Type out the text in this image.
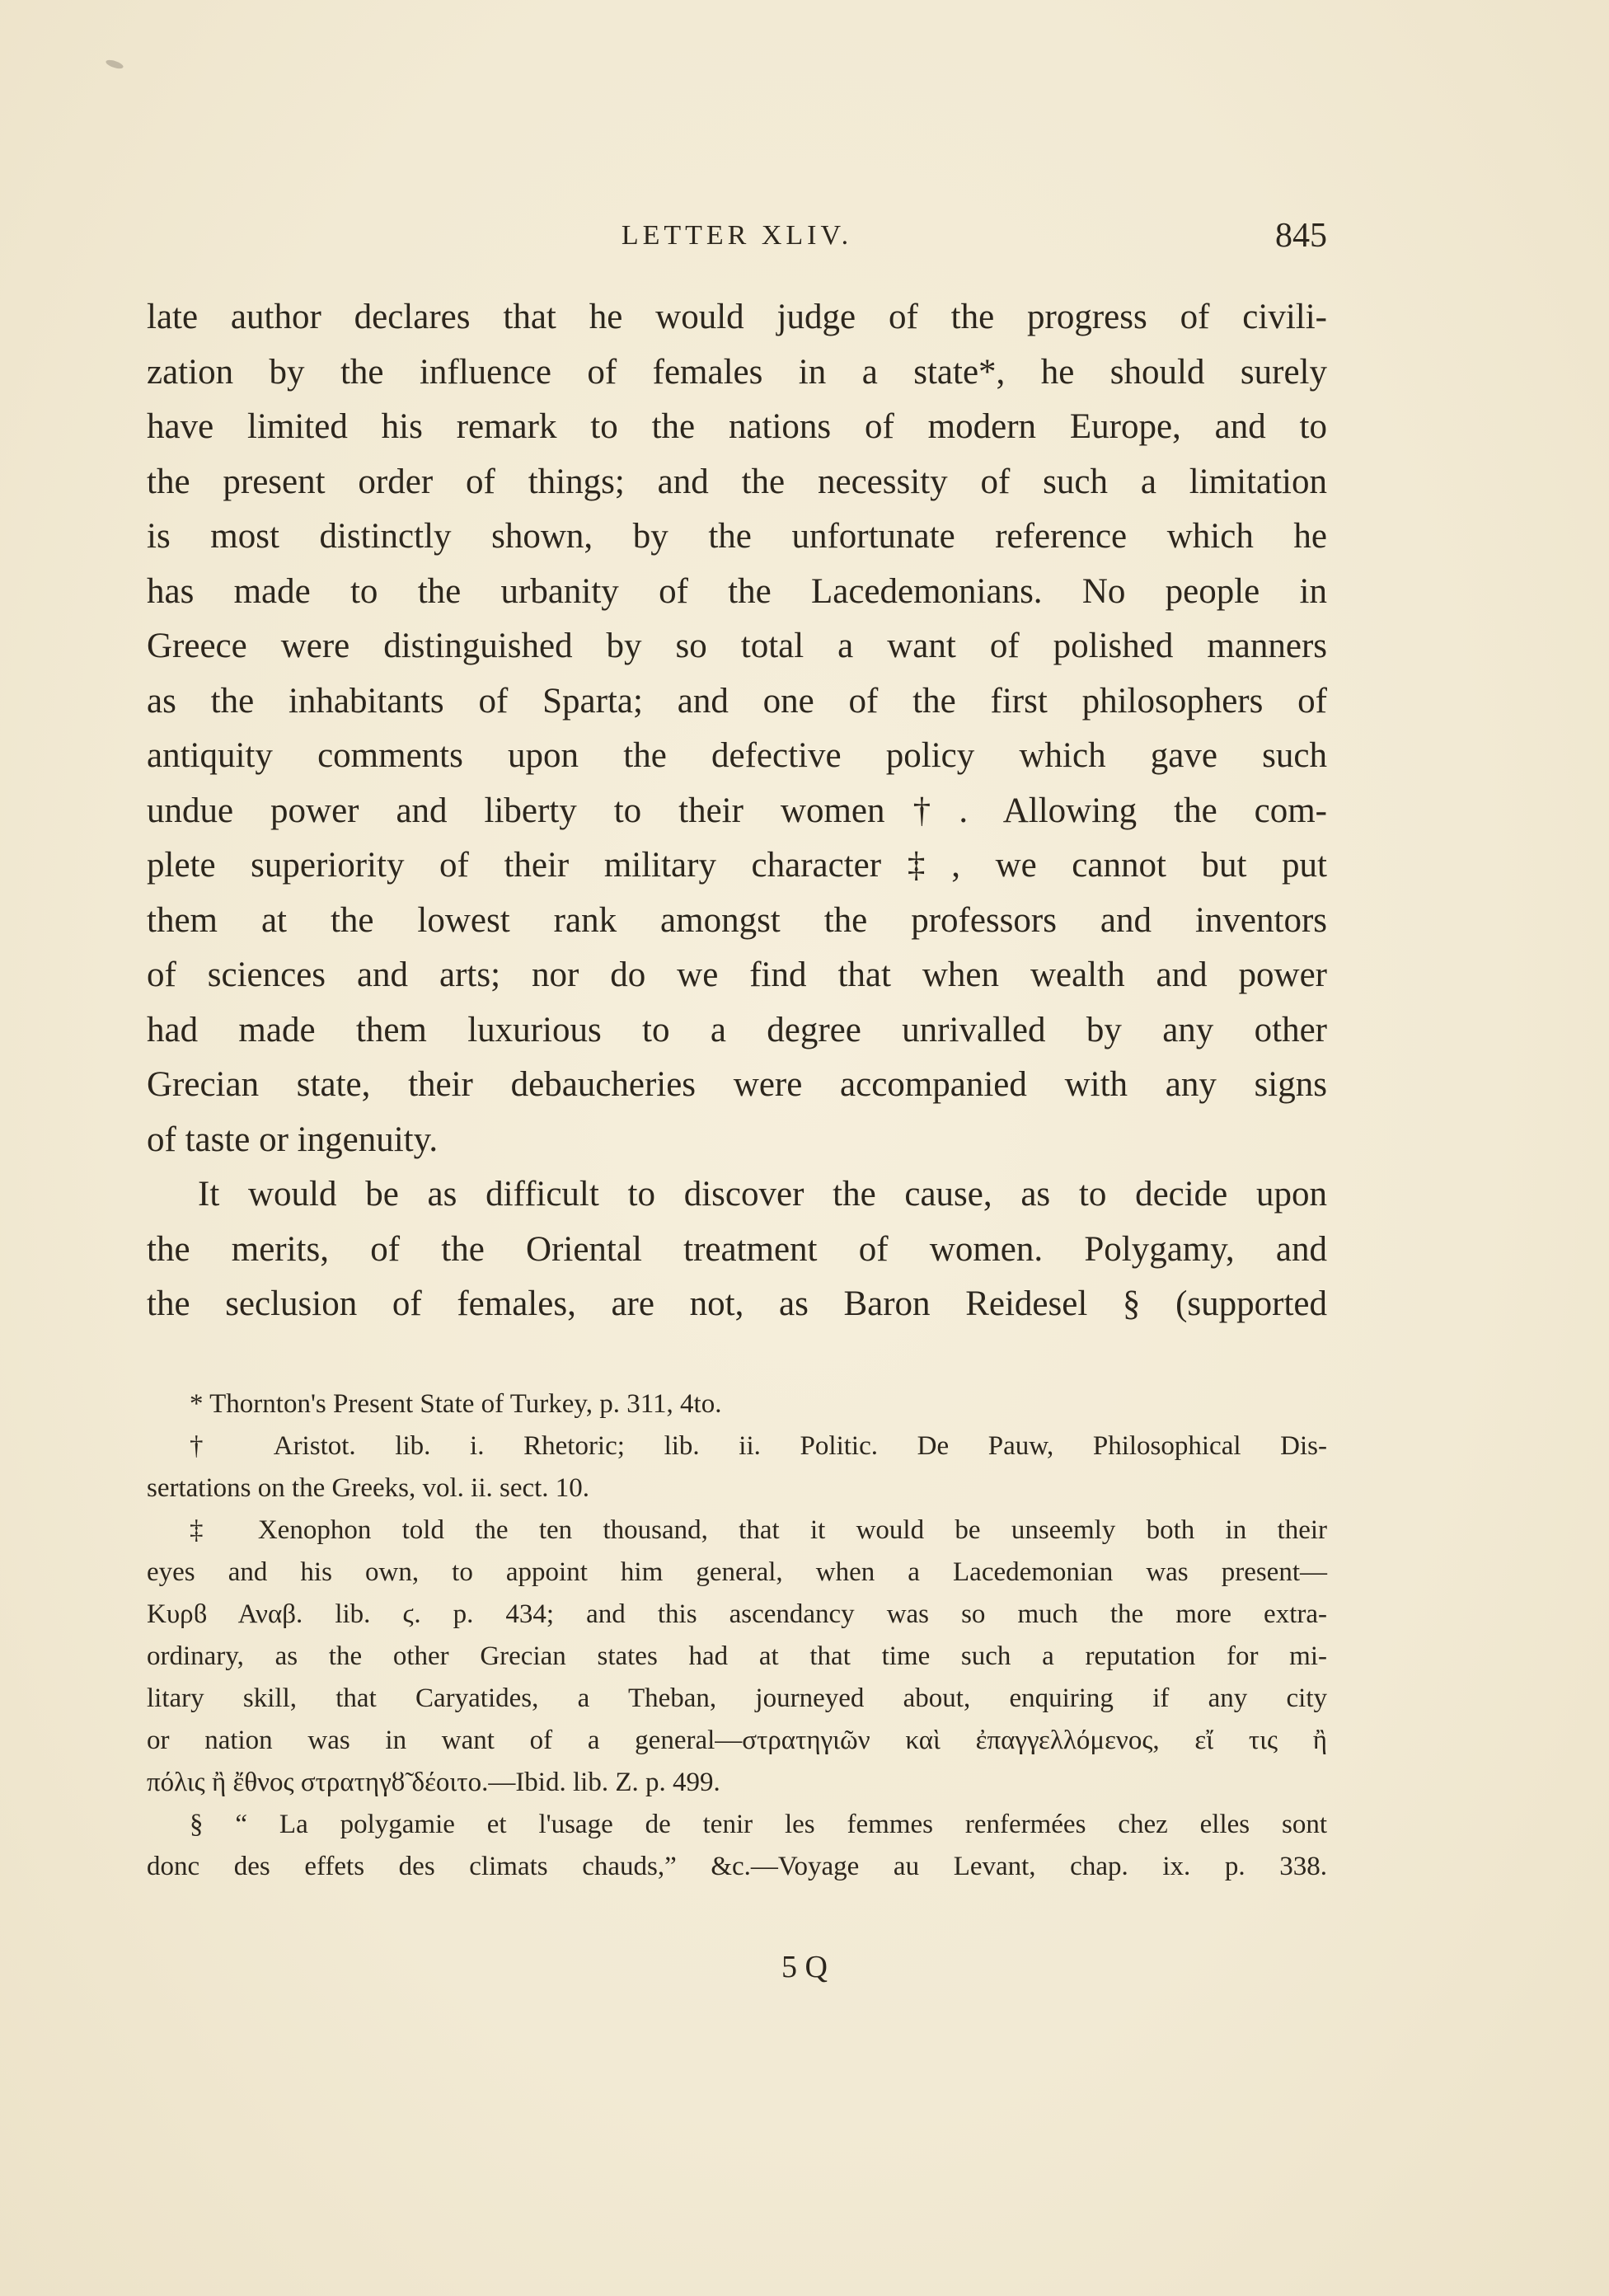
LETTER XLIV.	845
late author declares that he would judge of the progress of civili-
zation by the influence of females in a state*, he should surely
have limited his remark to the nations of modern Europe, and to
the present order of things; and the necessity of such a limitation
is most distinctly shown, by the unfortunate reference which he
has made to the urbanity of the Lacedemonians. No people in
Greece were distinguished by so total a want of polished manners
as the inhabitants of Sparta; and one of the first philosophers of
antiquity comments upon the defective policy which gave such
undue power and liberty to their women†. Allowing the com-
plete superiority of their military character‡, we cannot but put
them at the lowest rank amongst the professors and inventors
of sciences and arts; nor do we find that when wealth and power
had made them luxurious to a degree unrivalled by any other
Grecian state, their debaucheries were accompanied with any signs
of taste or ingenuity.
It would be as difficult to discover the cause, as to decide upon
the merits, of the Oriental treatment of women. Polygamy, and
the seclusion of females, are not, as Baron Reidesel § (supported
* Thornton's Present State of Turkey, p. 311, 4to.
† Aristot. lib. i. Rhetoric; lib. ii. Politic. De Pauw, Philosophical Dis-
sertations on the Greeks, vol. ii. sect. 10.
‡ Xenophon told the ten thousand, that it would be unseemly both in their
eyes and his own, to appoint him general, when a Lacedemonian was present—
Κυρϐ Αναβ. lib. ϛ. p. 434; and this ascendancy was so much the more extra-
ordinary, as the other Grecian states had at that time such a reputation for mi-
litary skill, that Caryatides, a Theban, journeyed about, enquiring if any city
or nation was in want of a general—στρατηγιῶν καὶ ἐπαγγελλόμενος, εἴ τις ἢ
πόλις ἢ ἔθνος στρατηγȣ̃ δέοιτο.—Ibid. lib. Z. p. 499.
§ “ La polygamie et l'usage de tenir les femmes renfermées chez elles sont
donc des effets des climats chauds,” &c.—Voyage au Levant, chap. ix. p. 338.
5 Q
